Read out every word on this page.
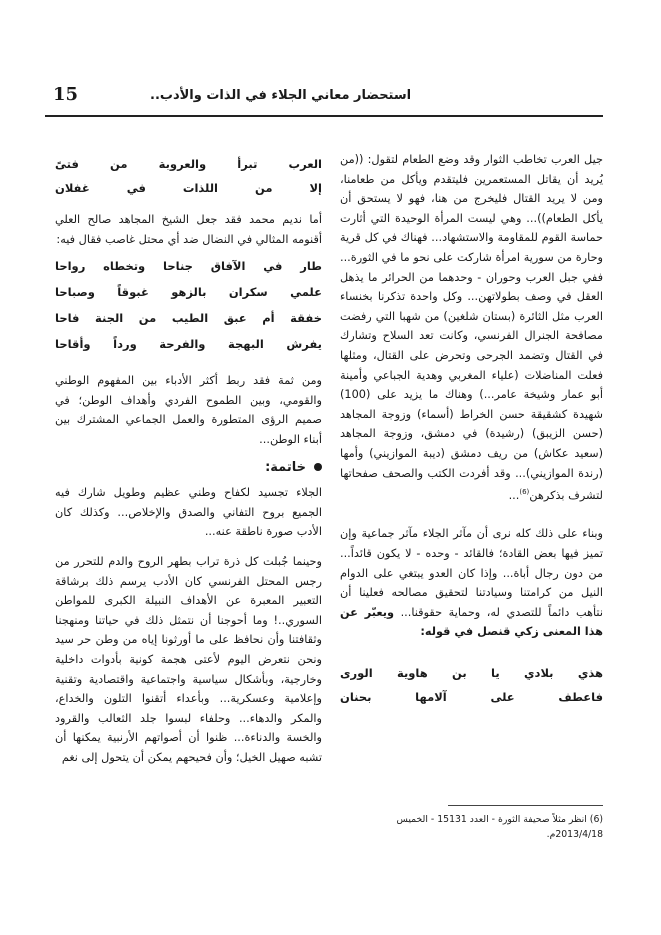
استحضار معاني الجلاء في الذات والأدب..
15

جيل العرب تخاطب الثوار وقد وضع الطعام لتقول: ((من يُريد أن يقاتل المستعمرين فليتقدم ويأكل من طعامنا، ومن لا يريد القتال فليخرج من هنا، فهو لا يستحق أن يأكل الطعام))... وهي ليست المرأة الوحيدة التي أثارت حماسة القوم للمقاومة والاستشهاد... فهناك في كل قرية وحارة من سورية امرأة شاركت على نحو ما في الثورة... ففي جبل العرب وحوران - وحدهما من الحرائر ما يذهل العقل في وصف بطولاتهن... وكل واحدة تذكرنا بخنساء العرب مثل الثائرة (بستان شلغين) من شهبا التي رفضت مصافحة الجنرال الفرنسي، وكانت تعد السلاح وتشارك في القتال وتضمد الجرحى وتحرض على القتال، ومثلها فعلت المناضلات (علياء المغربي وهدية الجباعي وأمينة أبو عمار وشيخة عامر...) وهناك ما يزيد على (100) شهيدة كشقيقة حسن الخراط (أسماء) وزوجة المجاهد (حسن الزيبق) (رشيدة) في دمشق، وزوجة المجاهد (سعيد عكاش) من ريف دمشق (ديبة الموازيني) وأمها (رندة الموازيني)... وقد أفردت الكتب والصحف صفحاتها لتشرف بذكرهن$^{(6)}$...

وبناء على ذلك كله نرى أن مآثر الجلاء مآثر جماعية وإن تميز فيها بعض القادة؛ فالقائد - وحده - لا يكون قائداً... من دون رجال أباة... وإذا كان العدو يبتغي على الدوام النيل من كرامتنا وسيادتنا لتحقيق مصالحه فعلينا أن نتأهب دائماً للتصدي له، وحماية حقوقنا... ويعبّر عن هذا المعنى زكي قنصل في قوله:

هذي بلادي يا بن هاوية الورى
فاعطف على آلامها بحنان
(6) انظر مثلاً صحيفة الثورة - العدد 15131 - الخميس
2013/4/18م.
العرب تبرأ والعروبة من فتىً
إلا من اللذات في غفلان

أما نديم محمد فقد جعل الشيخ المجاهد صالح العلي أقنومه المثالي في النضال ضد أي محتل غاصب فقال فيه:

طار في الآفاق جناحا وتخطاه رواحا
علمي سكران بالزهو غبوقاً وصباحا
خفقة أم عبق الطيب من الجنة فاحا
يفرش البهجة والفرحة ورداً وأقاحا

ومن ثمة فقد ربط أكثر الأدباء بين المفهوم الوطني والقومي، وبين الطموح الفردي وأهداف الوطن؛ في صميم الرؤى المتطورة والعمل الجماعي المشترك بين أبناء الوطن...

خاتمة:

الجلاء تجسيد لكفاح وطني عظيم وطويل شارك فيه الجميع بروح التفاني والصدق والإخلاص... وكذلك كان الأدب صورة ناطقة عنه...

وحينما جُبلت كل ذرة تراب بطهر الروح والدم للتحرر من رجس المحتل الفرنسي كان الأدب يرسم ذلك برشاقة التعبير المعبرة عن الأهداف النبيلة الكبرى للمواطن السوري..! وما أحوجنا أن نتمثل ذلك في حياتنا ومنهجنا وثقافتنا وأن نحافظ على ما أورثونا إياه من وطن حر سيد ونحن نتعرض اليوم لأعتى هجمة كونية بأدوات داخلية وخارجية، وبأشكال سياسية واجتماعية واقتصادية وتقنية وإعلامية وعسكرية... وبأعداء أتقنوا التلون والخداع، والمكر والدهاء... وحلفاء لبسوا جلد الثعالب والقرود والخسة والدناءة... ظنوا أن أصواتهم الأرنبية يمكنها أن تشبه صهيل الخيل؛ وأن فحيحهم يمكن أن يتحول إلى نغم
